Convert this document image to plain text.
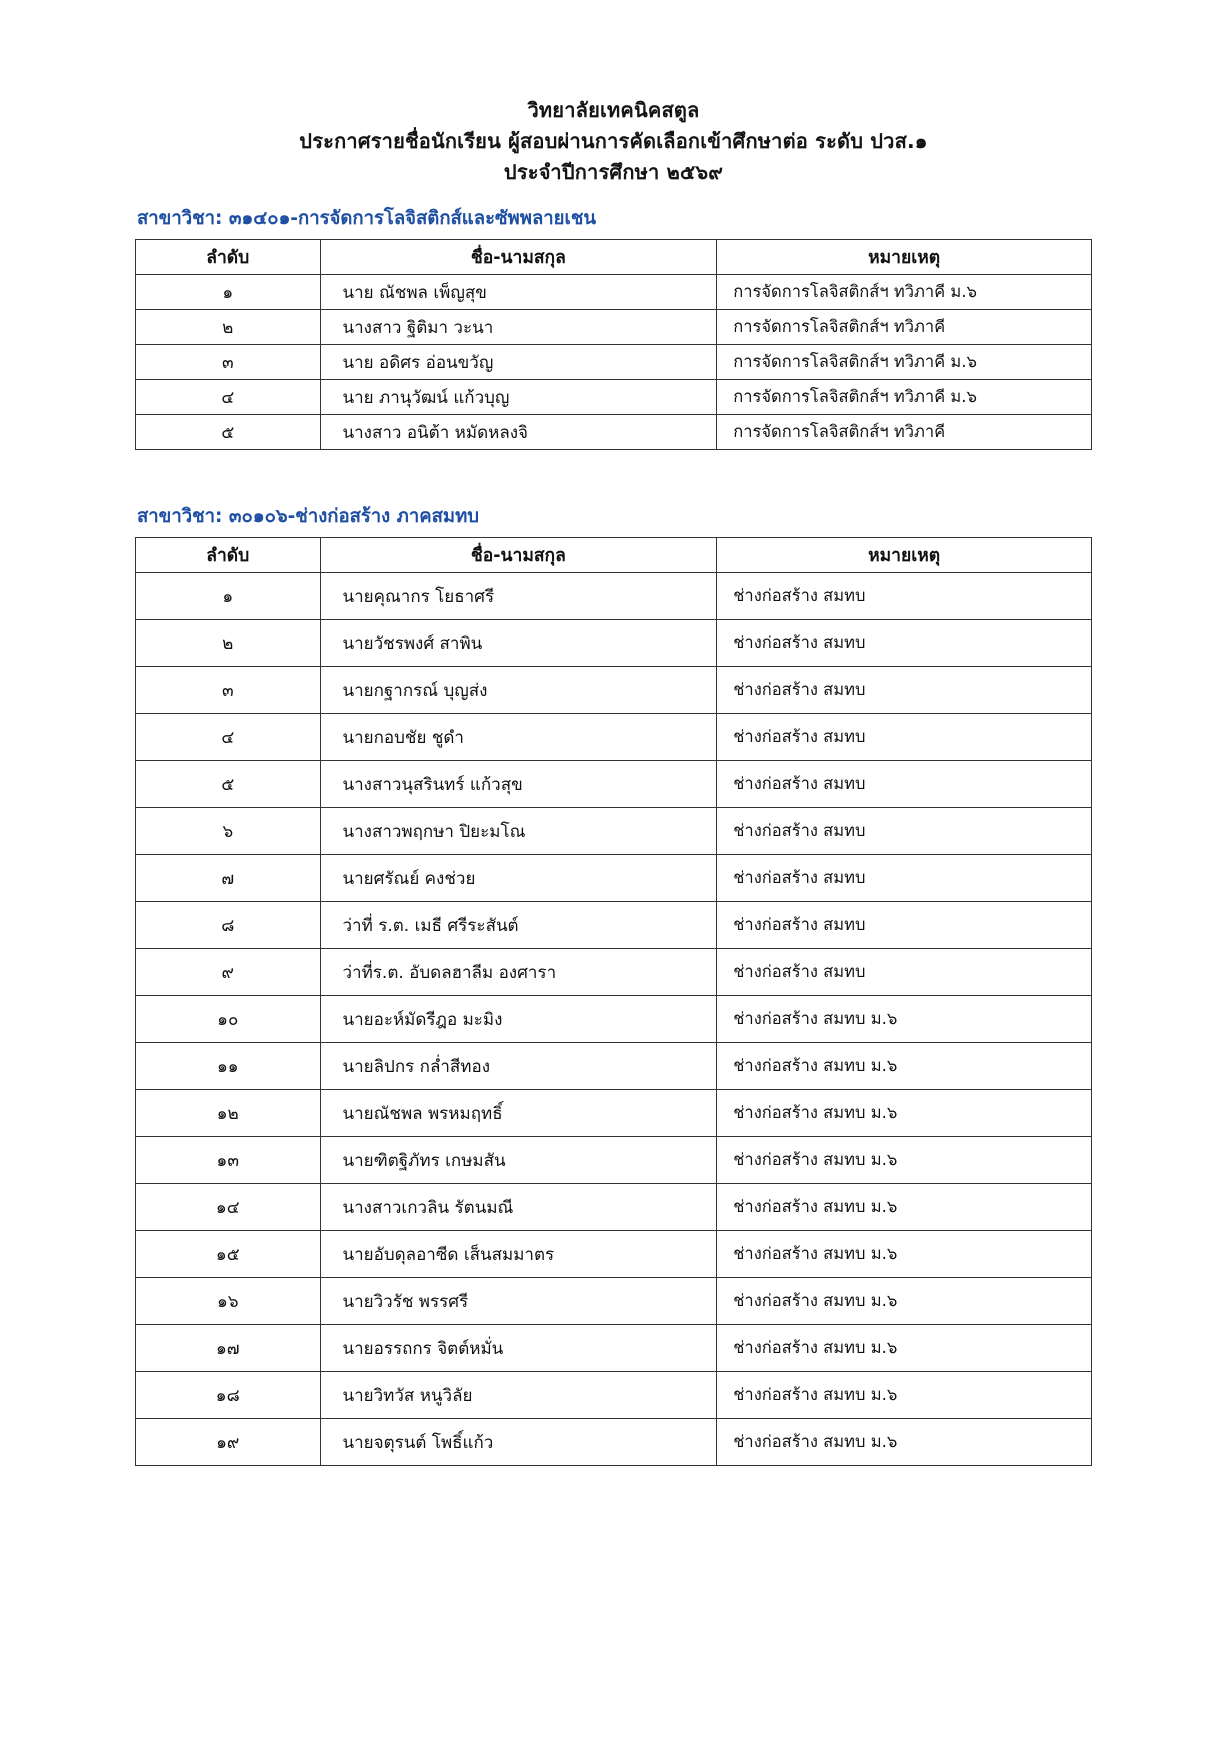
วิทยาลัยเทคนิคสตูล
ประกาศรายชื่อนักเรียน ผู้สอบผ่านการคัดเลือกเข้าศึกษาต่อ ระดับ ปวส.๑
ประจำปีการศึกษา ๒๕๖๙
สาขาวิชา: ๓๑๔๐๑-การจัดการโลจิสติกส์และซัพพลายเชน
ลำดับ	ชื่อ-นามสกุล	หมายเหตุ
๑	นาย ณัชพล เพ็ญสุข	การจัดการโลจิสติกส์ฯ ทวิภาคี ม.๖
๒	นางสาว ฐิติมา วะนา	การจัดการโลจิสติกส์ฯ ทวิภาคี
๓	นาย อดิศร อ่อนขวัญ	การจัดการโลจิสติกส์ฯ ทวิภาคี ม.๖
๔	นาย ภานุวัฒน์ แก้วบุญ	การจัดการโลจิสติกส์ฯ ทวิภาคี ม.๖
๕	นางสาว อนิต้า หมัดหลงจิ	การจัดการโลจิสติกส์ฯ ทวิภาคี
สาขาวิชา: ๓๐๑๐๖-ช่างก่อสร้าง ภาคสมทบ
ลำดับ	ชื่อ-นามสกุล	หมายเหตุ
๑	นายคุณากร โยธาศรี	ช่างก่อสร้าง สมทบ
๒	นายวัชรพงศ์ สาพิน	ช่างก่อสร้าง สมทบ
๓	นายกฐากรณ์ บุญส่ง	ช่างก่อสร้าง สมทบ
๔	นายกอบชัย ชูดำ	ช่างก่อสร้าง สมทบ
๕	นางสาวนุสรินทร์ แก้วสุข	ช่างก่อสร้าง สมทบ
๖	นางสาวพฤกษา ปิยะมโณ	ช่างก่อสร้าง สมทบ
๗	นายศรัณย์ คงช่วย	ช่างก่อสร้าง สมทบ
๘	ว่าที่ ร.ต. เมธี ศรีระสันต์	ช่างก่อสร้าง สมทบ
๙	ว่าที่ร.ต. อับดลฮาลีม องศารา	ช่างก่อสร้าง สมทบ
๑๐	นายอะห์มัดรีฎอ มะมิง	ช่างก่อสร้าง สมทบ ม.๖
๑๑	นายลิปกร กล่ำสีทอง	ช่างก่อสร้าง สมทบ ม.๖
๑๒	นายณัชพล พรหมฤทธิ์	ช่างก่อสร้าง สมทบ ม.๖
๑๓	นายฑิตฐิภัทร เกษมสัน	ช่างก่อสร้าง สมทบ ม.๖
๑๔	นางสาวเกวลิน รัตนมณี	ช่างก่อสร้าง สมทบ ม.๖
๑๕	นายอับดุลอาซีด เส็นสมมาตร	ช่างก่อสร้าง สมทบ ม.๖
๑๖	นายวิวรัช พรรศรี	ช่างก่อสร้าง สมทบ ม.๖
๑๗	นายอรรถกร จิตต์หมั่น	ช่างก่อสร้าง สมทบ ม.๖
๑๘	นายวิทวัส หนูวิลัย	ช่างก่อสร้าง สมทบ ม.๖
๑๙	นายจตุรนต์ โพธิ์แก้ว	ช่างก่อสร้าง สมทบ ม.๖
